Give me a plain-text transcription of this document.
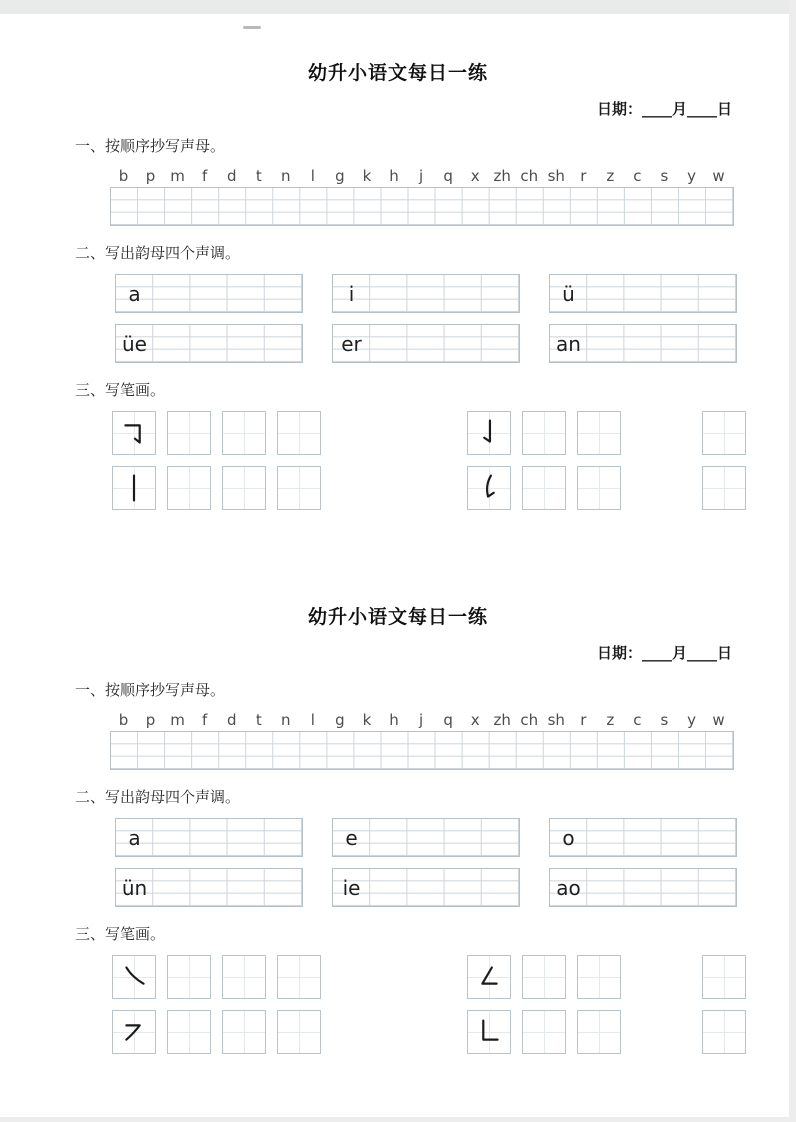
幼升小语文每日一练
日期：____月____日
一、按顺序抄写声母。
b	p m	f	d	t	n	l	g	k	h	j	q	x zh ch sh	r	z	c	s	y	w
二、写出韵母四个声调。
a	i	ü
üe	er	an
三、写笔画。
幼升小语文每日一练
日期：____月____日
一、按顺序抄写声母。
b	p m	f	d	t	n	l	g	k	h	j	q	x zh ch sh	r	z	c	s	y	w
二、写出韵母四个声调。
a	e	o
ün	ie	ao
三、写笔画。
